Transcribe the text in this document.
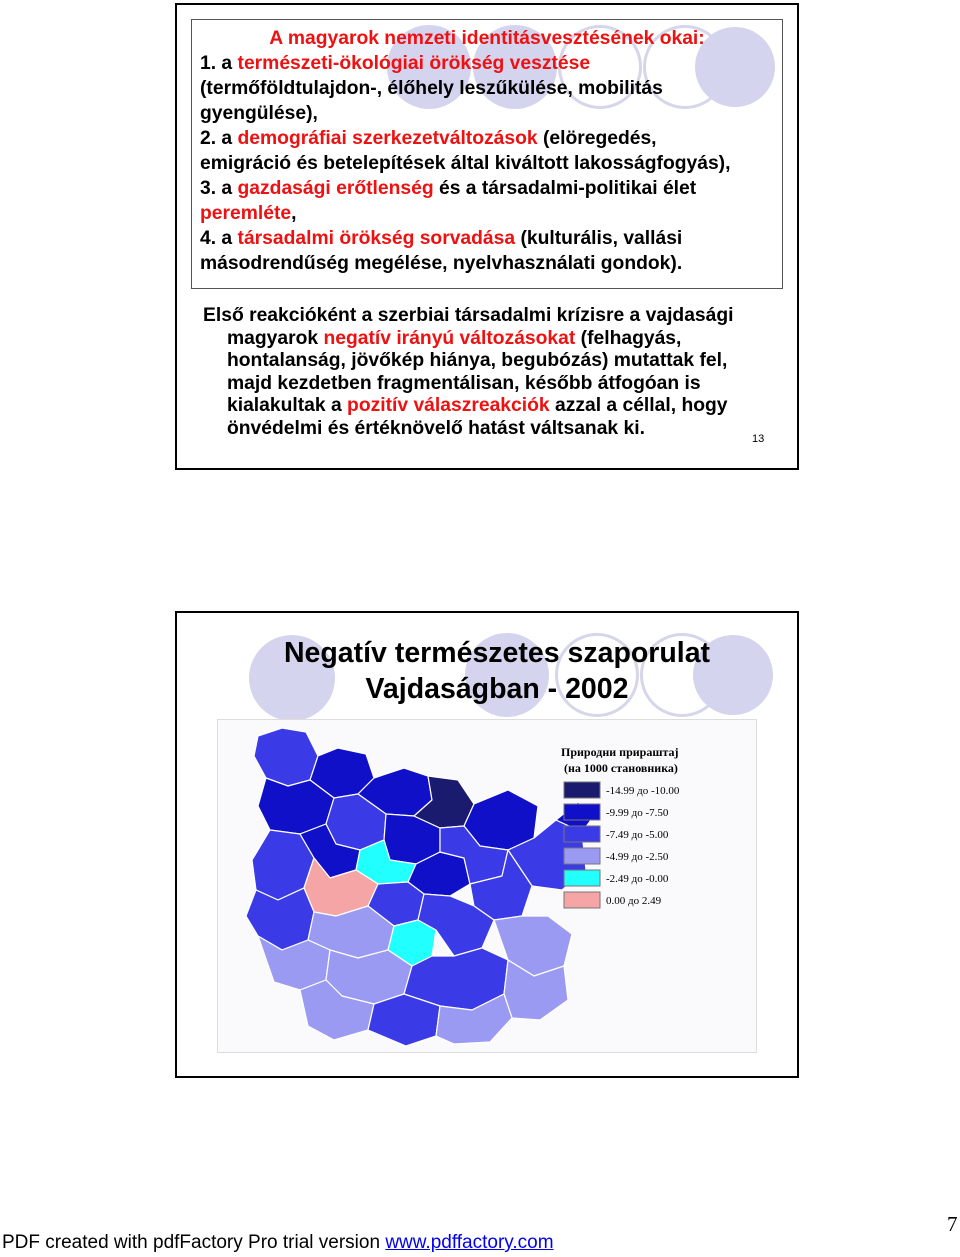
A magyarok nemzeti identitásvesztésének okai:

1. a természeti-ökológiai örökség vesztése

(termőföldtulajdon-, élőhely leszűkülése, mobilitás

gyengülése),

2. a demográfiai szerkezetváltozások (elöregedés,

emigráció és betelepítések által kiváltott lakosságfogyás),

3. a gazdasági erőtlenség és a társadalmi-politikai élet

peremléte,

4. a társadalmi örökség sorvadása (kulturális, vallási

másodrendűség megélése, nyelvhasználati gondok).

Első reakcióként a szerbiai társadalmi krízisre a vajdasági

magyarok negatív irányú változásokat (felhagyás,

hontalanság, jövőkép hiánya, begubózás) mutattak fel,

majd kezdetben fragmentálisan, később átfogóan is

kialakultak a pozitív válaszreakciók azzal a céllal, hogy

önvédelmi és értéknövelő hatást váltsanak ki.

13
Negatív természetes szaporulat
Vajdaságban - 2002
Природни прираштај
(на 1000 становника)
-14.99 до -10.00
-9.99 до -7.50
-7.49 до -5.00
-4.99 до -2.50
-2.49 до -0.00
0.00 до 2.49
PDF created with pdfFactory Pro trial version www.pdffactory.com
7
